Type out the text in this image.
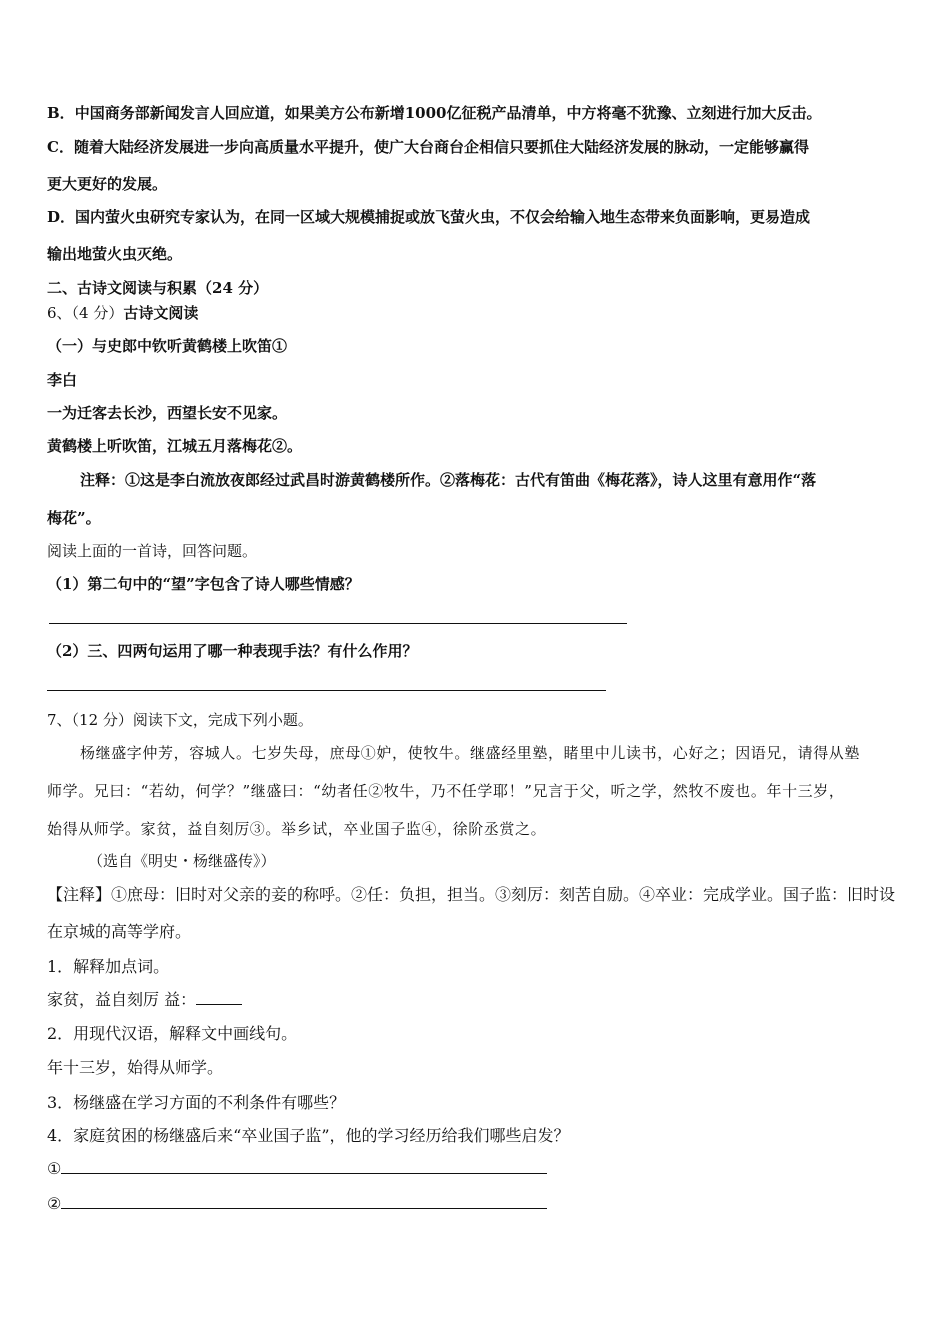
B．中国商务部新闻发言人回应道，如果美方公布新增1000亿征税产品清单，中方将毫不犹豫、立刻进行加大反击。
C．随着大陆经济发展进一步向高质量水平提升，使广大台商台企相信只要抓住大陆经济发展的脉动，一定能够赢得
更大更好的发展。
D．国内萤火虫研究专家认为，在同一区域大规模捕捉或放飞萤火虫，不仅会给输入地生态带来负面影响，更易造成
输出地萤火虫灭绝。
二、古诗文阅读与积累（24 分）
6、（4 分）古诗文阅读
（一）与史郎中钦听黄鹤楼上吹笛①
李白
一为迁客去长沙，西望长安不见家。
黄鹤楼上听吹笛，江城五月落梅花②。
注释：①这是李白流放夜郎经过武昌时游黄鹤楼所作。②落梅花：古代有笛曲《梅花落》，诗人这里有意用作“落
梅花”。
阅读上面的一首诗，回答问题。
（1）第二句中的“望”字包含了诗人哪些情感？
（2）三、四两句运用了哪一种表现手法？有什么作用？
7、（12 分）阅读下文，完成下列小题。
杨继盛字仲芳，容城人。七岁失母，庶母①妒，使牧牛。继盛经里塾，睹里中儿读书，心好之；因语兄，请得从塾
师学。兄曰：“若幼，何学？”继盛曰：“幼者任②牧牛，乃不任学耶！”兄言于父，听之学，然牧不废也。年十三岁，
始得从师学。家贫，益自刻厉③。举乡试，卒业国子监④，徐阶丞赏之。
（选自《明史・杨继盛传》）
【注释】①庶母：旧时对父亲的妾的称呼。②任：负担，担当。③刻厉：刻苦自励。④卒业：完成学业。国子监：旧时设
在京城的高等学府。
1．解释加点词。
家贫，益自刻厉 益：
2．用现代汉语，解释文中画线句。
年十三岁，始得从师学。
3．杨继盛在学习方面的不利条件有哪些？
4．家庭贫困的杨继盛后来“卒业国子监”，他的学习经历给我们哪些启发？
①
②
